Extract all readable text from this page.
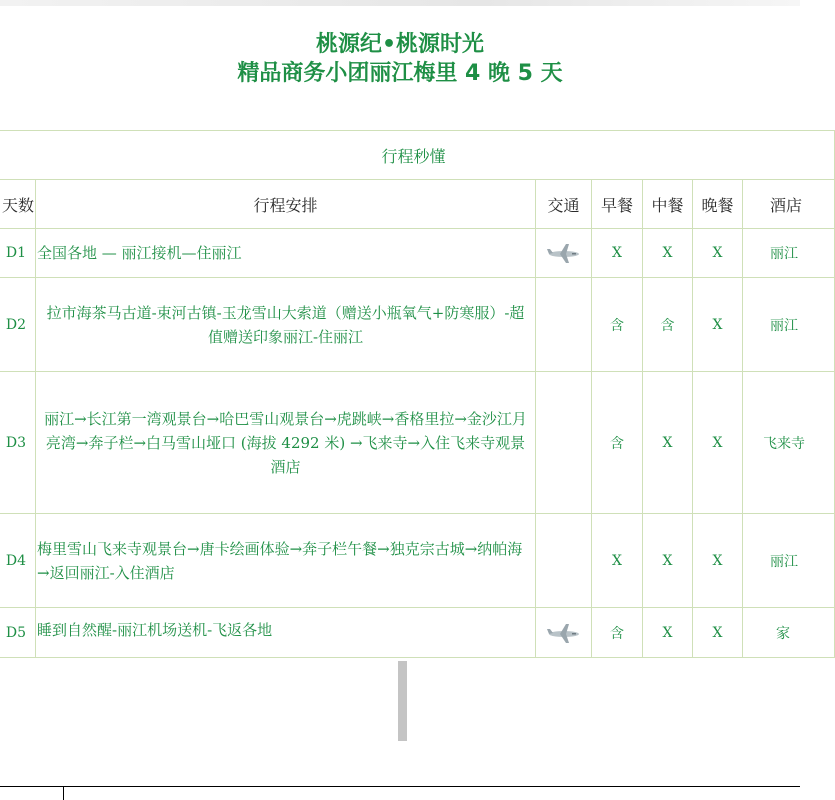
桃源纪•桃源时光
精品商务小团丽江梅里 4 晚 5 天
行程秒懂						
天数	行程安排	交通	早餐	中餐	晚餐	酒店
D1	全国各地 — 丽江接机—住丽江		X	X	X	丽江
D2	拉市海茶马古道-束河古镇-玉龙雪山大索道（赠送小瓶氧气+防寒服）-超值赠送印象丽江-住丽江		含	含	X	丽江
D3	丽江→长江第一湾观景台→哈巴雪山观景台→虎跳峡→香格里拉→金沙江月亮湾→奔子栏→白马雪山垭口 (海拔 4292 米) →飞来寺→入住飞来寺观景酒店		含	X	X	飞来寺
D4	梅里雪山飞来寺观景台→唐卡绘画体验→奔子栏午餐→独克宗古城→纳帕海 →返回丽江-入住酒店		X	X	X	丽江
D5	睡到自然醒-丽江机场送机-飞返各地		含	X	X	家
